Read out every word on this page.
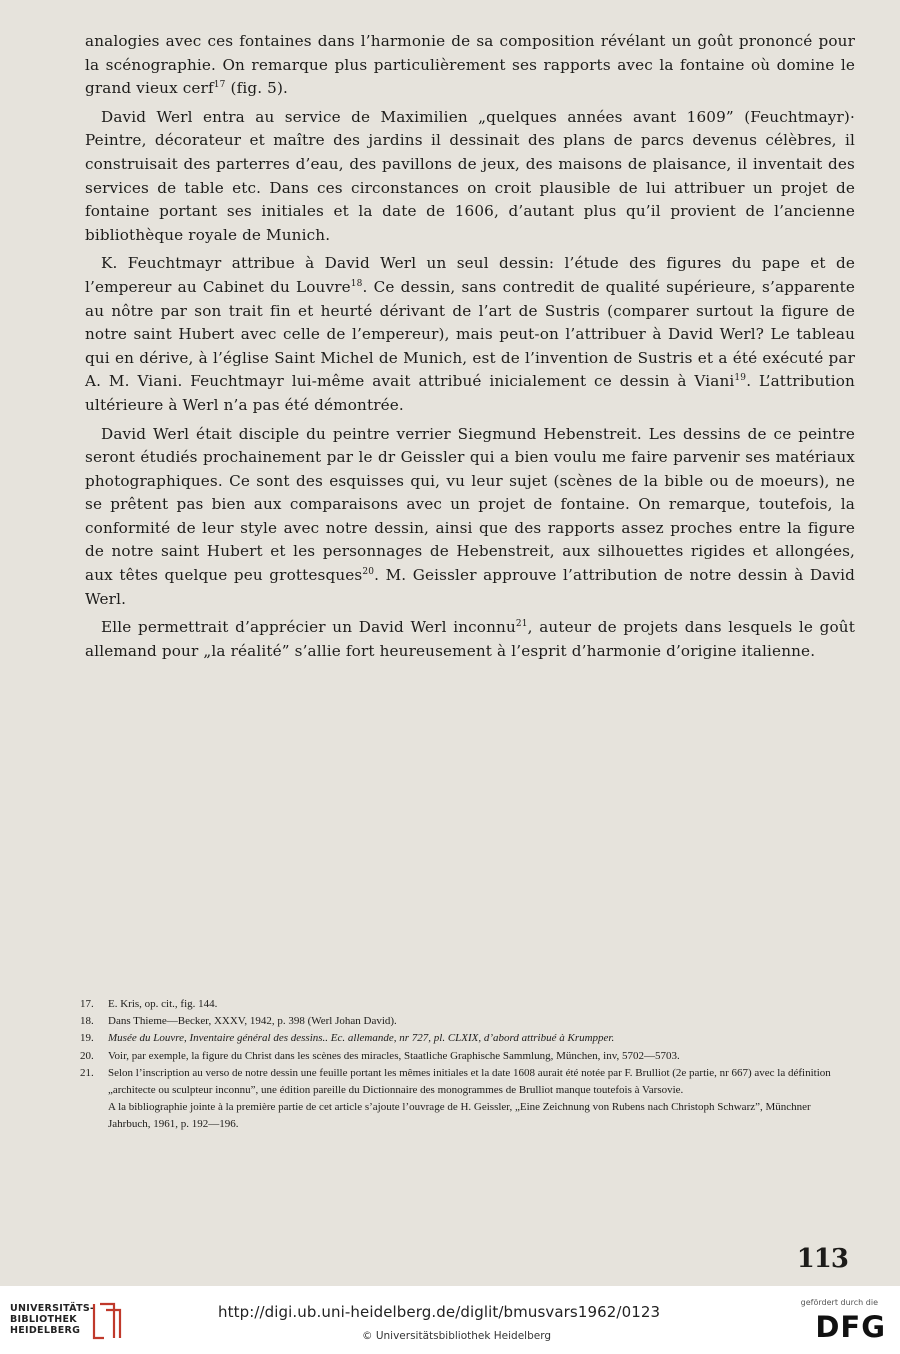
analogies avec ces fontaines dans l’harmonie de sa composition révélant un goût prononcé pour la scénographie. On remarque plus particulièrement ses rapports avec la fontaine où domine le grand vieux cerf$^{17}$ (fig. 5).

David Werl entra au service de Maximilien „quelques années avant 1609” (Feuchtmayr)· Peintre, décorateur et maître des jardins il dessinait des plans de parcs devenus célèbres, il construisait des parterres d’eau, des pavillons de jeux, des maisons de plaisance, il inventait des services de table etc. Dans ces circonstances on croit plausible de lui attribuer un projet de fontaine portant ses initiales et la date de 1606, d’autant plus qu’il provient de l’ancienne bibliothèque royale de Munich.

K. Feuchtmayr attribue à David Werl un seul dessin: l’étude des figures du pape et de l’empereur au Cabinet du Louvre$^{18}$. Ce dessin, sans contredit de qualité supérieure, s’apparente au nôtre par son trait fin et heurté dérivant de l’art de Sustris (comparer surtout la figure de notre saint Hubert avec celle de l’empereur), mais peut-on l’attribuer à David Werl? Le tableau qui en dérive, à l’église Saint Michel de Munich, est de l’invention de Sustris et a été exécuté par A. M. Viani. Feuchtmayr lui-même avait attribué inicialement ce dessin à Viani$^{19}$. L’attribution ultérieure à Werl n’a pas été démontrée.

David Werl était disciple du peintre verrier Siegmund Hebenstreit. Les dessins de ce peintre seront étudiés prochainement par le dr Geissler qui a bien voulu me faire parvenir ses matériaux photographiques. Ce sont des esquisses qui, vu leur sujet (scènes de la bible ou de moeurs), ne se prêtent pas bien aux comparaisons avec un projet de fontaine. On remarque, toutefois, la conformité de leur style avec notre dessin, ainsi que des rapports assez proches entre la figure de notre saint Hubert et les personnages de Hebenstreit, aux silhouettes rigides et allongées, aux têtes quelque peu grottesques$^{20}$. M. Geissler approuve l’attribution de notre dessin à David Werl.

Elle permettrait d’apprécier un David Werl inconnu$^{21}$, auteur de projets dans lesquels le goût allemand pour „la réalité” s’allie fort heureusement à l’esprit d’harmonie d’origine italienne.

17.	E. Kris, op. cit., fig. 144.
18.	Dans Thieme—Becker, XXXV, 1942, p. 398 (Werl Johan David).
19.	Musée du Louvre, Inventaire général des dessins.. Ec. allemande, nr 727, pl. CLXIX, d’abord attribué à Krumpper.
20.	Voir, par exemple, la figure du Christ dans les scènes des miracles, Staatliche Graphische Sammlung, München, inv, 5702—5703.
21.	Selon l’inscription au verso de notre dessin une feuille portant les mêmes initiales et la date 1608 aurait été notée par F. Brulliot (2e partie, nr 667) avec la définition „architecte ou sculpteur inconnu”, une édition pareille du Dictionnaire des monogrammes de Brulliot manque toutefois à Varsovie.
A la bibliographie jointe à la première partie de cet article s’ajoute l’ouvrage de H. Geissler, „Eine Zeichnung von Rubens nach Christoph Schwarz”, Münchner Jahrbuch, 1961, p. 192—196.
113
UNIVERSITÄTS-
BIBLIOTHEK
HEIDELBERG
http://digi.ub.uni-heidelberg.de/diglit/bmusvars1962/0123
© Universitätsbibliothek Heidelberg
gefördert durch die
DFG
